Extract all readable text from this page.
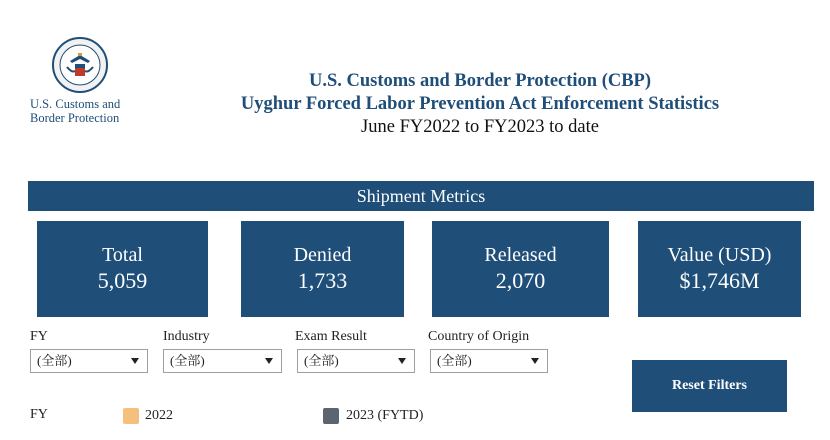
U.S. Customs and
Border Protection
U.S. Customs and Border Protection (CBP)
Uyghur Forced Labor Prevention Act Enforcement Statistics
June FY2022 to FY2023 to date
Shipment Metrics
Total
5,059
Denied
1,733
Released
2,070
Value (USD)
$1,746M
FY
(全部)
Industry
(全部)
Exam Result
(全部)
Country of Origin
(全部)
Reset Filters
FY	2022	2023 (FYTD)
